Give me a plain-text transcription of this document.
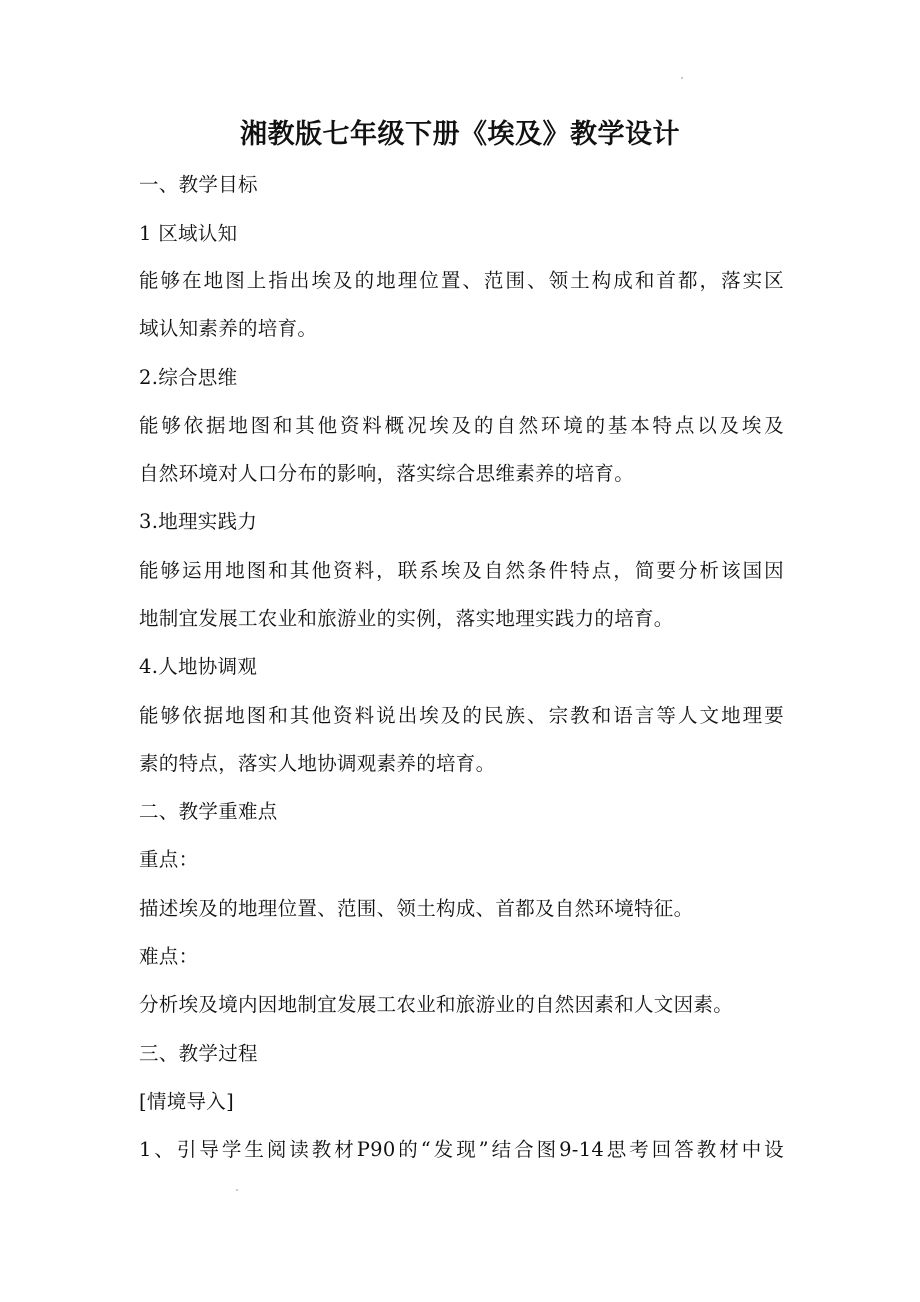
湘教版七年级下册《埃及》教学设计
一、教学目标
1 区域认知
能够在地图上指出埃及的地理位置、范围、领土构成和首都，落实区
域认知素养的培育。
2.综合思维
能够依据地图和其他资料概况埃及的自然环境的基本特点以及埃及
自然环境对人口分布的影响，落实综合思维素养的培育。
3.地理实践力
能够运用地图和其他资料，联系埃及自然条件特点，简要分析该国因
地制宜发展工农业和旅游业的实例，落实地理实践力的培育。
4.人地协调观
能够依据地图和其他资料说出埃及的民族、宗教和语言等人文地理要
素的特点，落实人地协调观素养的培育。
二、教学重难点
重点：
描述埃及的地理位置、范围、领土构成、首都及自然环境特征。
难点：
分析埃及境内因地制宜发展工农业和旅游业的自然因素和人文因素。
三、教学过程
[情境导入]
1、引导学生阅读教材P90的“发现”结合图9-14思考回答教材中设
